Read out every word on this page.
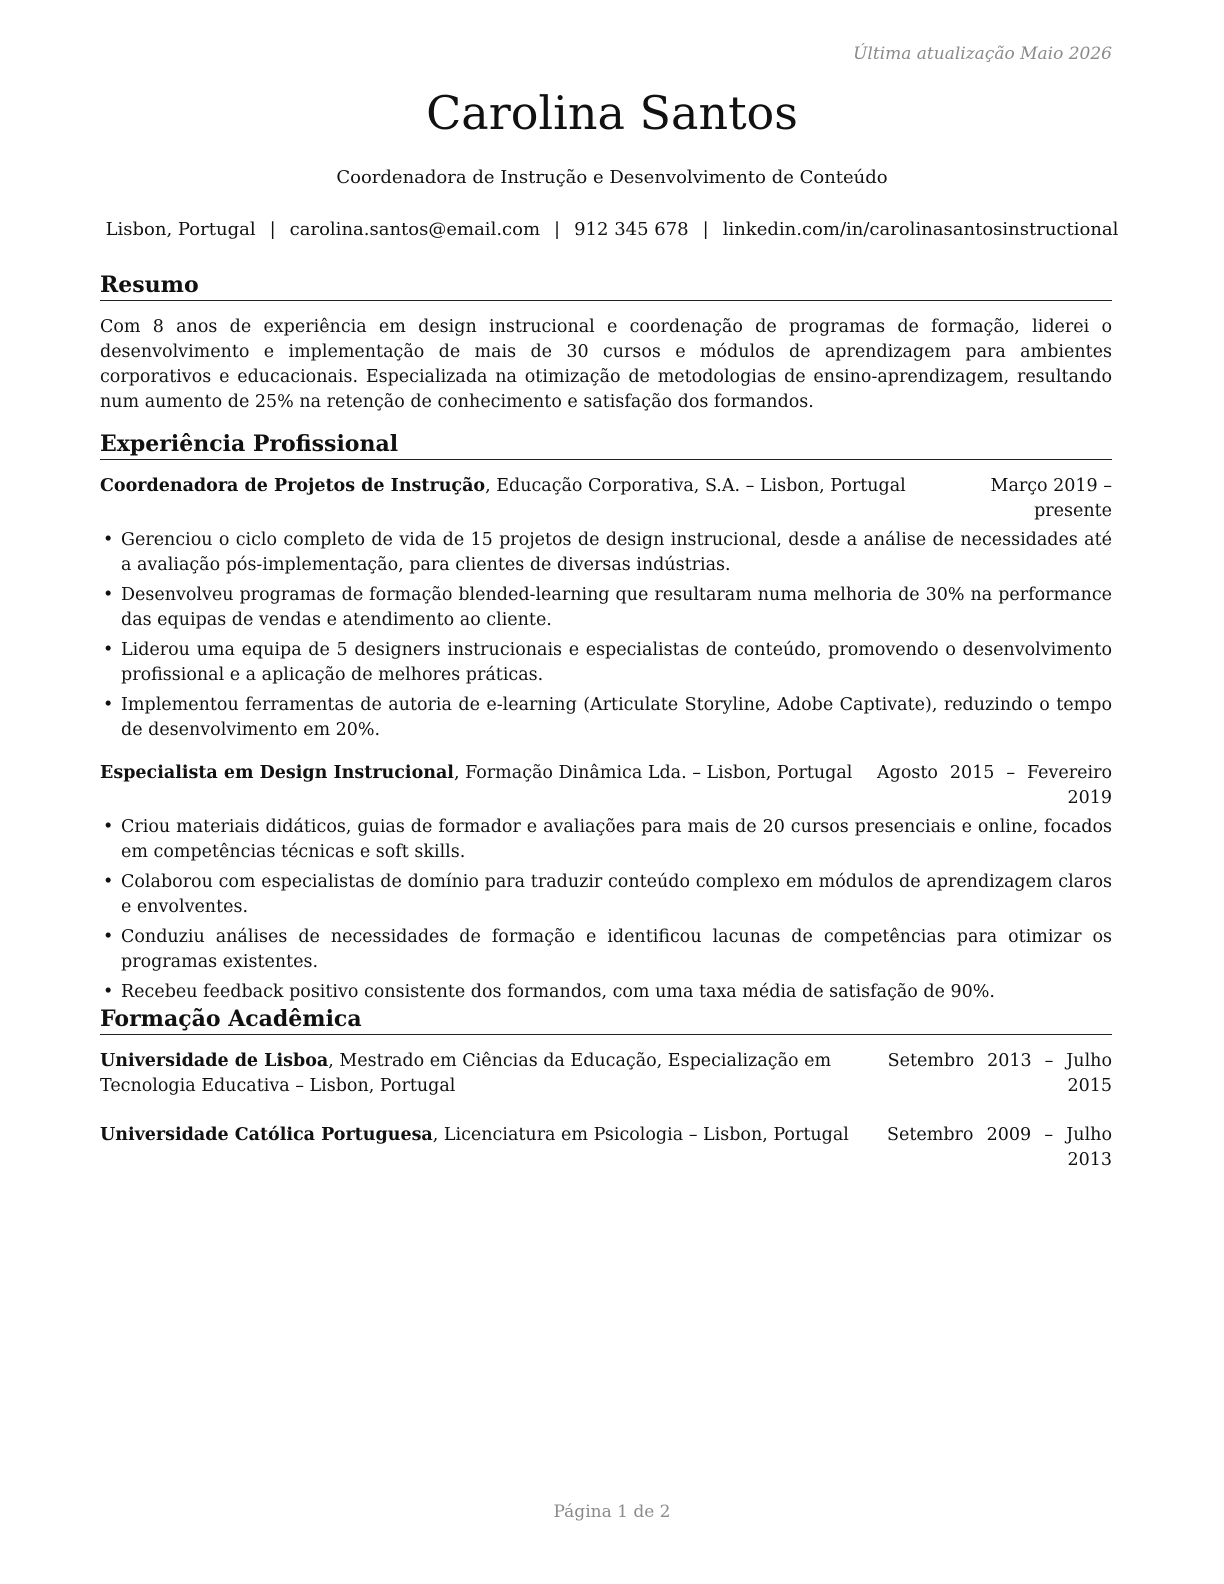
Última atualização Maio 2026
Carolina Santos
Coordenadora de Instrução e Desenvolvimento de Conteúdo
Lisbon, Portugal | carolina.santos@email.com | 912 345 678 | linkedin.com/in/carolinasantosinstructional
Resumo
Com 8 anos de experiência em design instrucional e coordenação de programas de formação, liderei o desenvolvimento e implementação de mais de 30 cursos e módulos de aprendizagem para ambientes corporativos e educacionais. Especializada na otimização de metodologias de ensino-aprendizagem, resultando num aumento de 25% na retenção de conhecimento e satisfação dos formandos.
Experiência Profissional
Coordenadora de Projetos de Instrução, Educação Corporativa, S.A. – Lisbon, Portugal	Março 2019 – presente
• Gerenciou o ciclo completo de vida de 15 projetos de design instrucional, desde a análise de necessidades até a avaliação pós-implementação, para clientes de diversas indústrias.
• Desenvolveu programas de formação blended-learning que resultaram numa melhoria de 30% na performance das equipas de vendas e atendimento ao cliente.
• Liderou uma equipa de 5 designers instrucionais e especialistas de conteúdo, promovendo o desenvolvimento profissional e a aplicação de melhores práticas.
• Implementou ferramentas de autoria de e-learning (Articulate Storyline, Adobe Captivate), reduzindo o tempo de desenvolvimento em 20%.
Especialista em Design Instrucional, Formação Dinâmica Lda. – Lisbon, Portugal Agosto 2015 – Fevereiro 2019
• Criou materiais didáticos, guias de formador e avaliações para mais de 20 cursos presenciais e online, focados em competências técnicas e soft skills.
• Colaborou com especialistas de domínio para traduzir conteúdo complexo em módulos de aprendizagem claros e envolventes.
• Conduziu análises de necessidades de formação e identificou lacunas de competências para otimizar os programas existentes.
• Recebeu feedback positivo consistente dos formandos, com uma taxa média de satisfação de 90%.
Formação Acadêmica
Universidade de Lisboa, Mestrado em Ciências da Educação, Especialização em Tecnologia Educativa – Lisbon, Portugal
Setembro 2013 – Julho 2015
Universidade Católica Portuguesa, Licenciatura em Psicologia – Lisbon, Portugal Setembro 2009 – Julho 2013
Página 1 de 2
